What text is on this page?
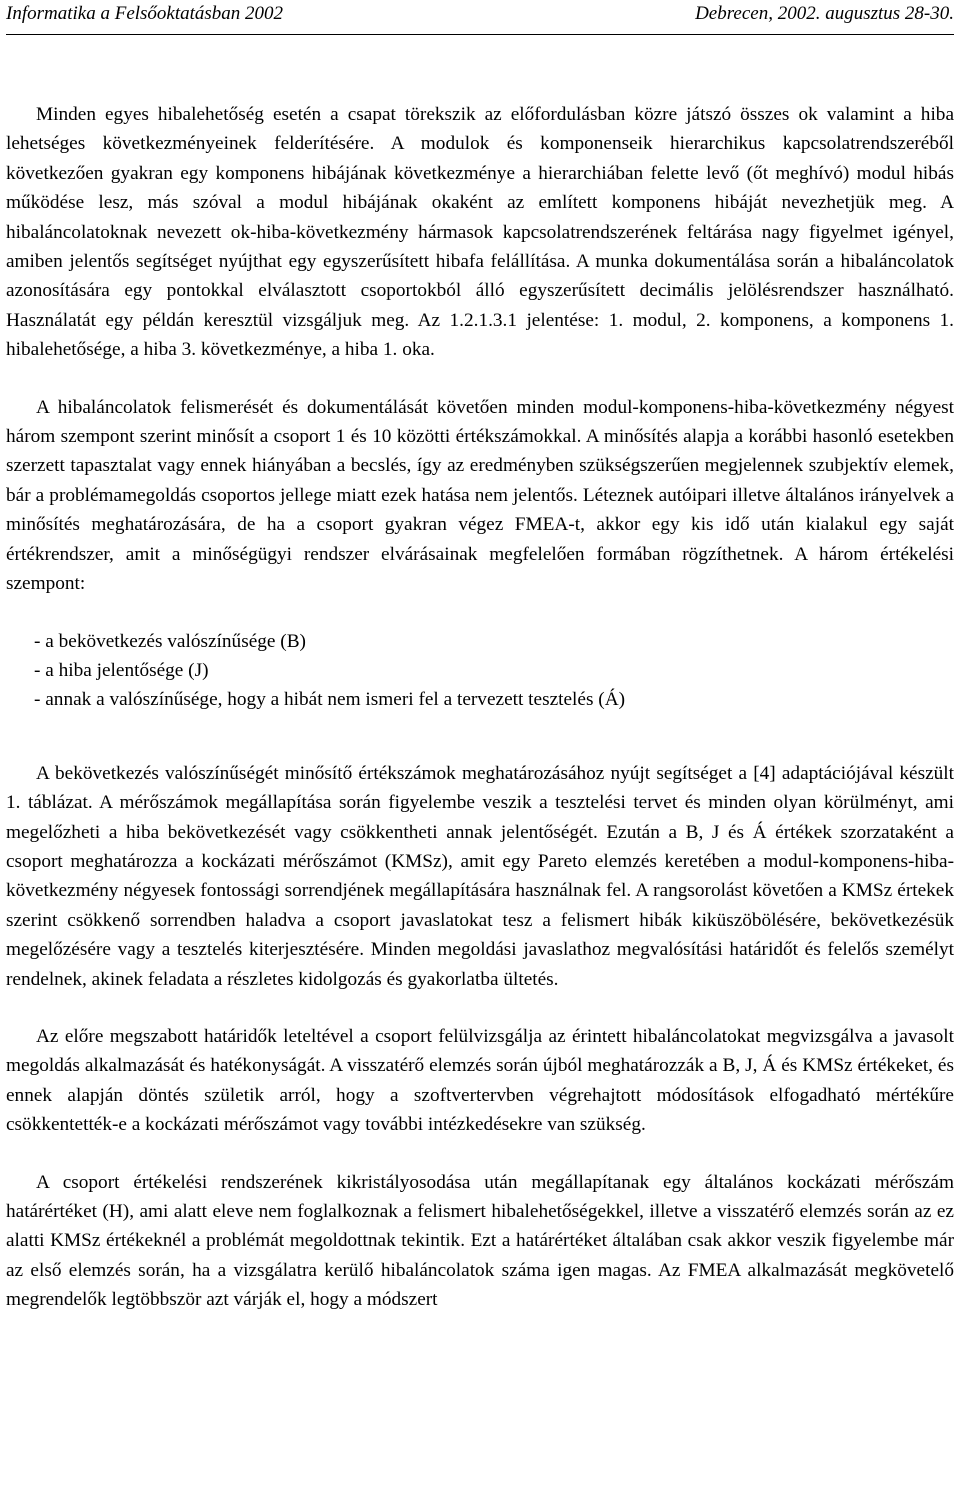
Informatika a Felsőoktatásban 2002	Debrecen, 2002. augusztus 28-30.

Minden egyes hibalehetőség esetén a csapat törekszik az előfordulásban közre játszó összes ok valamint a hiba lehetséges következményeinek felderítésére. A modulok és komponenseik hierarchikus kapcsolatrendszeréből következően gyakran egy komponens hibájának következménye a hierarchiában felette levő (őt meghívó) modul hibás működése lesz, más szóval a modul hibájának okaként az említett komponens hibáját nevezhetjük meg. A hibaláncolatoknak nevezett ok-hiba-következmény hármasok kapcsolatrendszerének feltárása nagy figyelmet igényel, amiben jelentős segítséget nyújthat egy egyszerűsített hibafa felállítása. A munka dokumentálása során a hibaláncolatok azonosítására egy pontokkal elválasztott csoportokból álló egyszerűsített decimális jelölésrendszer használható. Használatát egy példán keresztül vizsgáljuk meg. Az 1.2.1.3.1 jelentése: 1. modul, 2. komponens, a komponens 1. hibalehetősége, a hiba 3. következménye, a hiba 1. oka.

A hibaláncolatok felismerését és dokumentálását követően minden modul-komponens-hiba-következmény négyest három szempont szerint minősít a csoport 1 és 10 közötti értékszámokkal. A minősítés alapja a korábbi hasonló esetekben szerzett tapasztalat vagy ennek hiányában a becslés, így az eredményben szükségszerűen megjelennek szubjektív elemek, bár a problémamegoldás csoportos jellege miatt ezek hatása nem jelentős. Léteznek autóipari illetve általános irányelvek a minősítés meghatározására, de ha a csoport gyakran végez FMEA-t, akkor egy kis idő után kialakul egy saját értékrendszer, amit a minőségügyi rendszer elvárásainak megfelelően formában rögzíthetnek. A három értékelési szempont:

- a bekövetkezés valószínűsége (B)
- a hiba jelentősége (J)
- annak a valószínűsége, hogy a hibát nem ismeri fel a tervezett tesztelés (Á)

A bekövetkezés valószínűségét minősítő értékszámok meghatározásához nyújt segítséget a [4] adaptációjával készült 1. táblázat. A mérőszámok megállapítása során figyelembe veszik a tesztelési tervet és minden olyan körülményt, ami megelőzheti a hiba bekövetkezését vagy csökkentheti annak jelentőségét. Ezután a B, J és Á értékek szorzataként a csoport meghatározza a kockázati mérőszámot (KMSz), amit egy Pareto elemzés keretében a modul-komponens-hiba-következmény négyesek fontossági sorrendjének megállapítására használnak fel. A rangsorolást követően a KMSz értekek szerint csökkenő sorrendben haladva a csoport javaslatokat tesz a felismert hibák kiküszöbölésére, bekövetkezésük megelőzésére vagy a tesztelés kiterjesztésére. Minden megoldási javaslathoz megvalósítási határidőt és felelős személyt rendelnek, akinek feladata a részletes kidolgozás és gyakorlatba ültetés.

Az előre megszabott határidők leteltével a csoport felülvizsgálja az érintett hibaláncolatokat megvizsgálva a javasolt megoldás alkalmazását és hatékonyságát. A visszatérő elemzés során újból meghatározzák a B, J, Á és KMSz értékeket, és ennek alapján döntés születik arról, hogy a szoftvertervben végrehajtott módosítások elfogadható mértékűre csökkentették-e a kockázati mérőszámot vagy további intézkedésekre van szükség.

A csoport értékelési rendszerének kikristályosodása után megállapítanak egy általános kockázati mérőszám határértéket (H), ami alatt eleve nem foglalkoznak a felismert hibalehetőségekkel, illetve a visszatérő elemzés során az ez alatti KMSz értékeknél a problémát megoldottnak tekintik. Ezt a határértéket általában csak akkor veszik figyelembe már az első elemzés során, ha a vizsgálatra kerülő hibaláncolatok száma igen magas. Az FMEA alkalmazását megkövetelő megrendelők legtöbbször azt várják el, hogy a módszert
